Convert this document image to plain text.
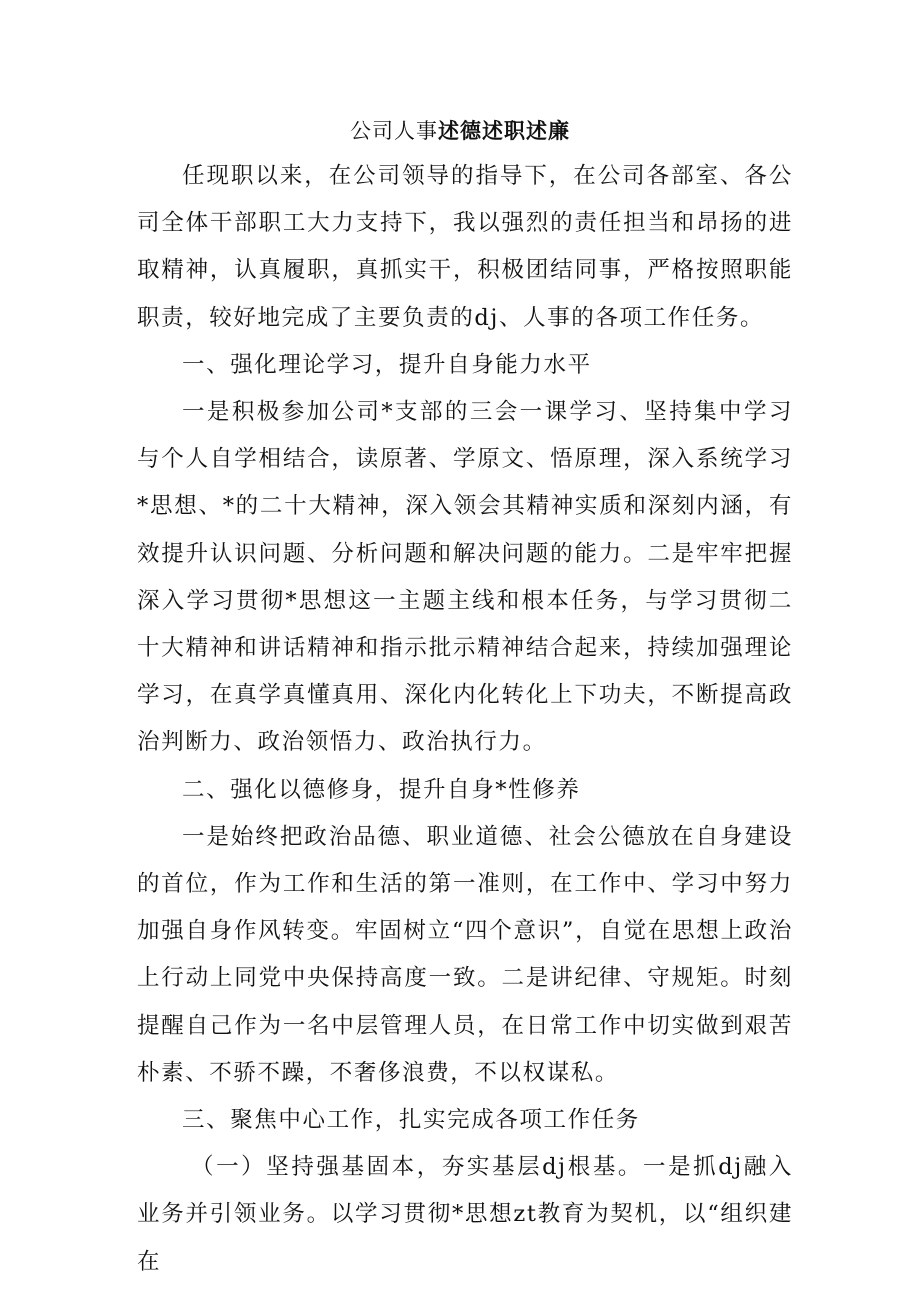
公司人事述德述职述廉

任现职以来，在公司领导的指导下，在公司各部室、各公司全体干部职工大力支持下，我以强烈的责任担当和昂扬的进取精神，认真履职，真抓实干，积极团结同事，严格按照职能职责，较好地完成了主要负责的dj、人事的各项工作任务。

一、强化理论学习，提升自身能力水平

一是积极参加公司*支部的三会一课学习、坚持集中学习与个人自学相结合，读原著、学原文、悟原理，深入系统学习*思想、*的二十大精神，深入领会其精神实质和深刻内涵，有效提升认识问题、分析问题和解决问题的能力。二是牢牢把握深入学习贯彻*思想这一主题主线和根本任务，与学习贯彻二十大精神和讲话精神和指示批示精神结合起来，持续加强理论学习，在真学真懂真用、深化内化转化上下功夫，不断提高政治判断力、政治领悟力、政治执行力。

二、强化以德修身，提升自身*性修养

一是始终把政治品德、职业道德、社会公德放在自身建设的首位，作为工作和生活的第一准则，在工作中、学习中努力加强自身作风转变。牢固树立“四个意识”，自觉在思想上政治上行动上同党中央保持高度一致。二是讲纪律、守规矩。时刻提醒自己作为一名中层管理人员，在日常工作中切实做到艰苦朴素、不骄不躁，不奢侈浪费，不以权谋私。

三、聚焦中心工作，扎实完成各项工作任务

（一）坚持强基固本，夯实基层dj根基。一是抓dj融入业务并引领业务。以学习贯彻*思想zt教育为契机，以“组织建在
